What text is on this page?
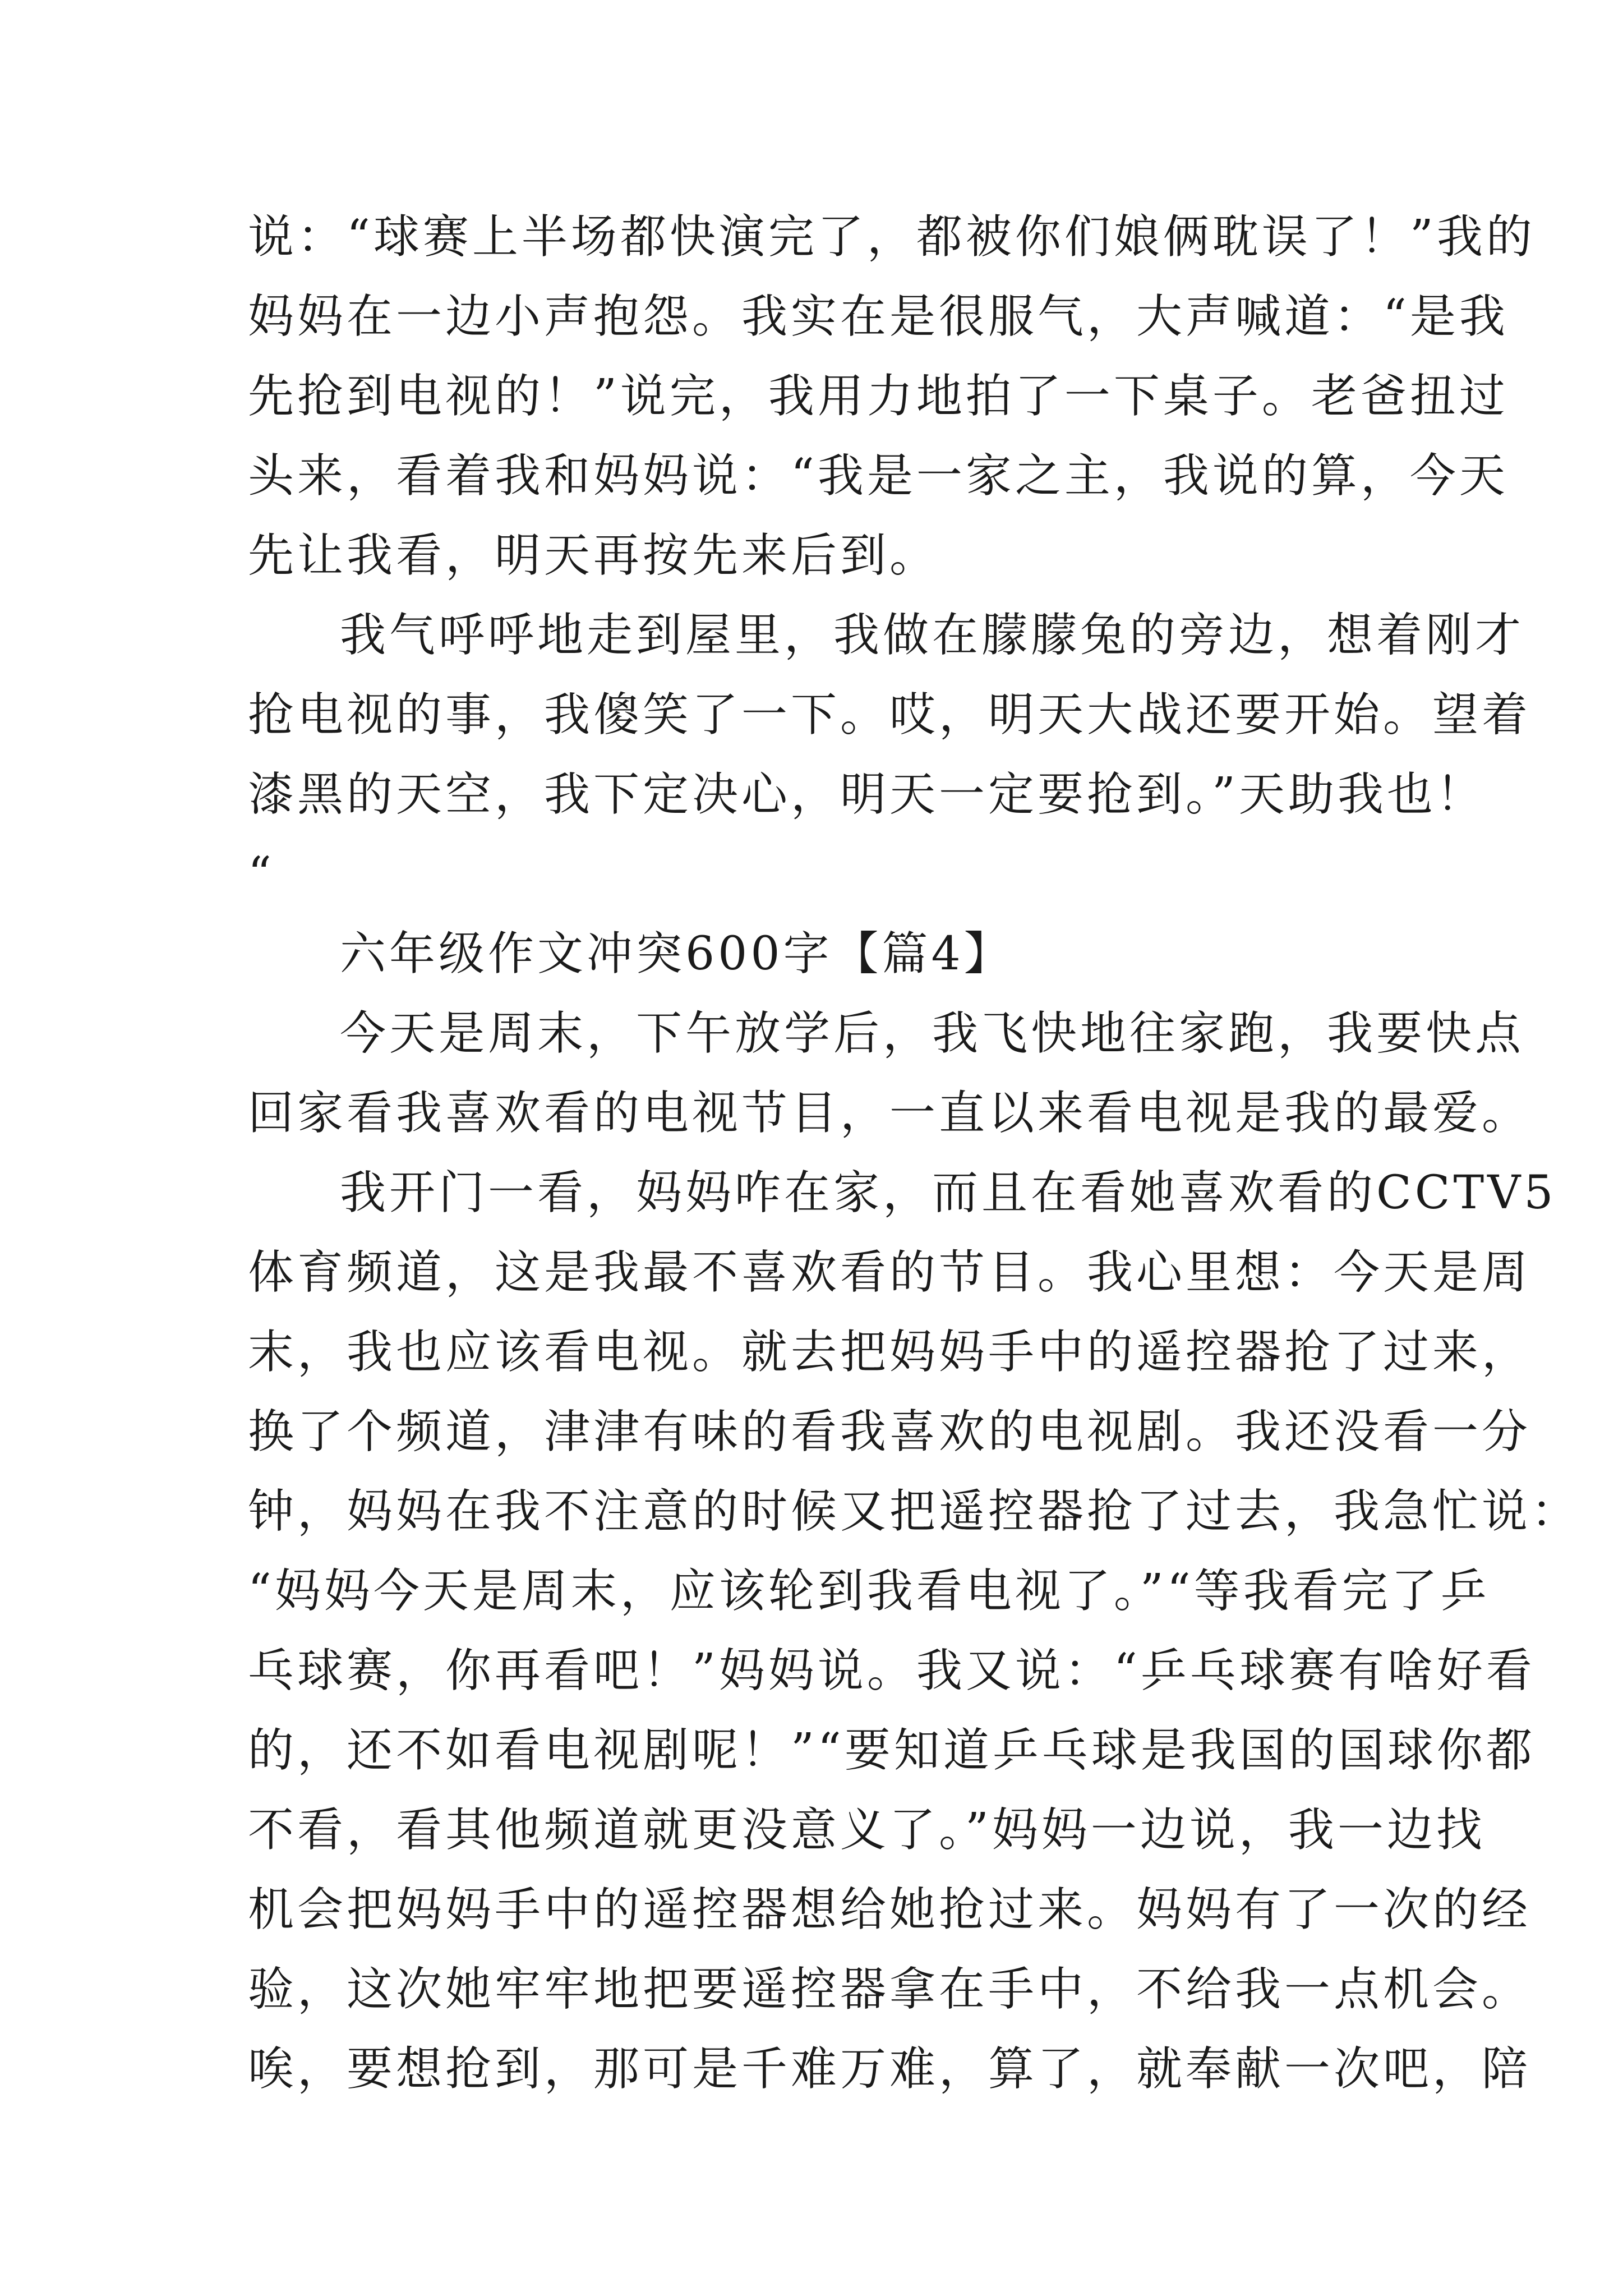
说：“球赛上半场都快演完了，都被你们娘俩耽误了！”我的
妈妈在一边小声抱怨。我实在是很服气，大声喊道：“是我
先抢到电视的！”说完，我用力地拍了一下桌子。老爸扭过
头来，看着我和妈妈说：“我是一家之主，我说的算，今天
先让我看，明天再按先来后到。
我气呼呼地走到屋里，我做在朦朦兔的旁边，想着刚才
抢电视的事，我傻笑了一下。哎，明天大战还要开始。望着
漆黑的天空，我下定决心，明天一定要抢到。”天助我也！
“
六年级作文冲突600字【篇4】
今天是周末，下午放学后，我飞快地往家跑，我要快点
回家看我喜欢看的电视节目，一直以来看电视是我的最爱。
我开门一看，妈妈咋在家，而且在看她喜欢看的CCTV5
体育频道，这是我最不喜欢看的节目。我心里想：今天是周
末，我也应该看电视。就去把妈妈手中的遥控器抢了过来，
换了个频道，津津有味的看我喜欢的电视剧。我还没看一分
钟，妈妈在我不注意的时候又把遥控器抢了过去，我急忙说：
“妈妈今天是周末，应该轮到我看电视了。”“等我看完了乒
乓球赛，你再看吧！”妈妈说。我又说：“乒乓球赛有啥好看
的，还不如看电视剧呢！”“要知道乒乓球是我国的国球你都
不看，看其他频道就更没意义了。”妈妈一边说，我一边找
机会把妈妈手中的遥控器想给她抢过来。妈妈有了一次的经
验，这次她牢牢地把要遥控器拿在手中，不给我一点机会。
唉，要想抢到，那可是千难万难，算了，就奉献一次吧，陪
